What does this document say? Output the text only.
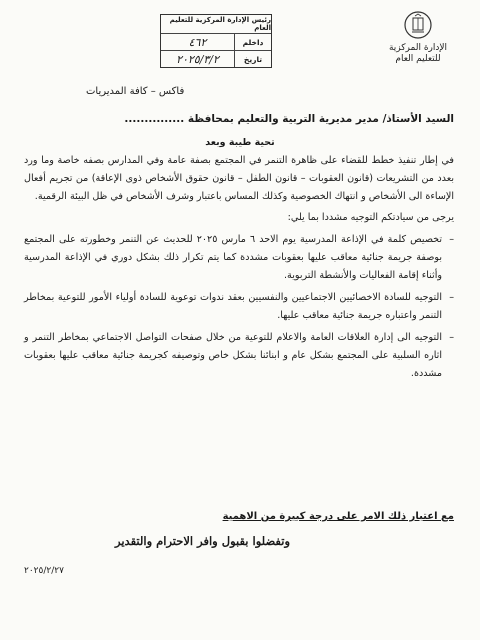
الإدارة المركزية
للتعليم العام
رئيس الإدارة المركزية للتعليم العام
داخلم
٤٦٢
تاريخ
٢٠٢٥/٣/٢
فاكس – كافة المديريات
السيد الأستاذ/ مدير مديرية التربية والتعليم بمحافظة ...............
تحية طيبة وبعد

في إطار تنفيذ خطط للقضاء على ظاهرة التنمر في المجتمع بصفة عامة وفي المدارس بصفه خاصة وما ورد بعدد من التشريعات (قانون العقوبات – قانون الطفل – قانون حقوق الأشخاص ذوى الإعاقة) من تجريم أفعال الإساءة الى الأشخاص و انتهاك الخصوصية وكذلك المساس باعتبار وشرف الأشخاص في ظل البيئة الرقمية.

يرجى من سيادتكم التوجيه مشددا بما يلي:

– تخصيص كلمة في الإذاعة المدرسية يوم الاحد ٦ مارس ٢٠٢٥ للحديث عن التنمر وخطورته على المجتمع بوصفة جريمة جنائية معاقب عليها بعقوبات مشددة كما يتم تكرار ذلك بشكل دوري في الإذاعة المدرسية وأثناء إقامة الفعاليات والأنشطة التربوية.
– التوجيه للسادة الاخصائيين الاجتماعيين والنفسيين بعقد ندوات توعوية للسادة أولياء الأمور للتوعية بمخاطر التنمر واعتباره جريمة جنائية معاقب عليها.
– التوجيه الى إدارة العلاقات العامة والاعلام للتوعية من خلال صفحات التواصل الاجتماعي بمخاطر التنمر و اثاره السلبية على المجتمع بشكل عام و ابنائنا بشكل خاص وتوصيفه كجريمة جنائية معاقب عليها بعقوبات مشددة.
مع اعتبار ذلك الامر على درجة كبيرة من الاهمية
وتفضلوا بقبول وافر الاحترام والتقدير
٢٠٢٥/٢/٢٧
